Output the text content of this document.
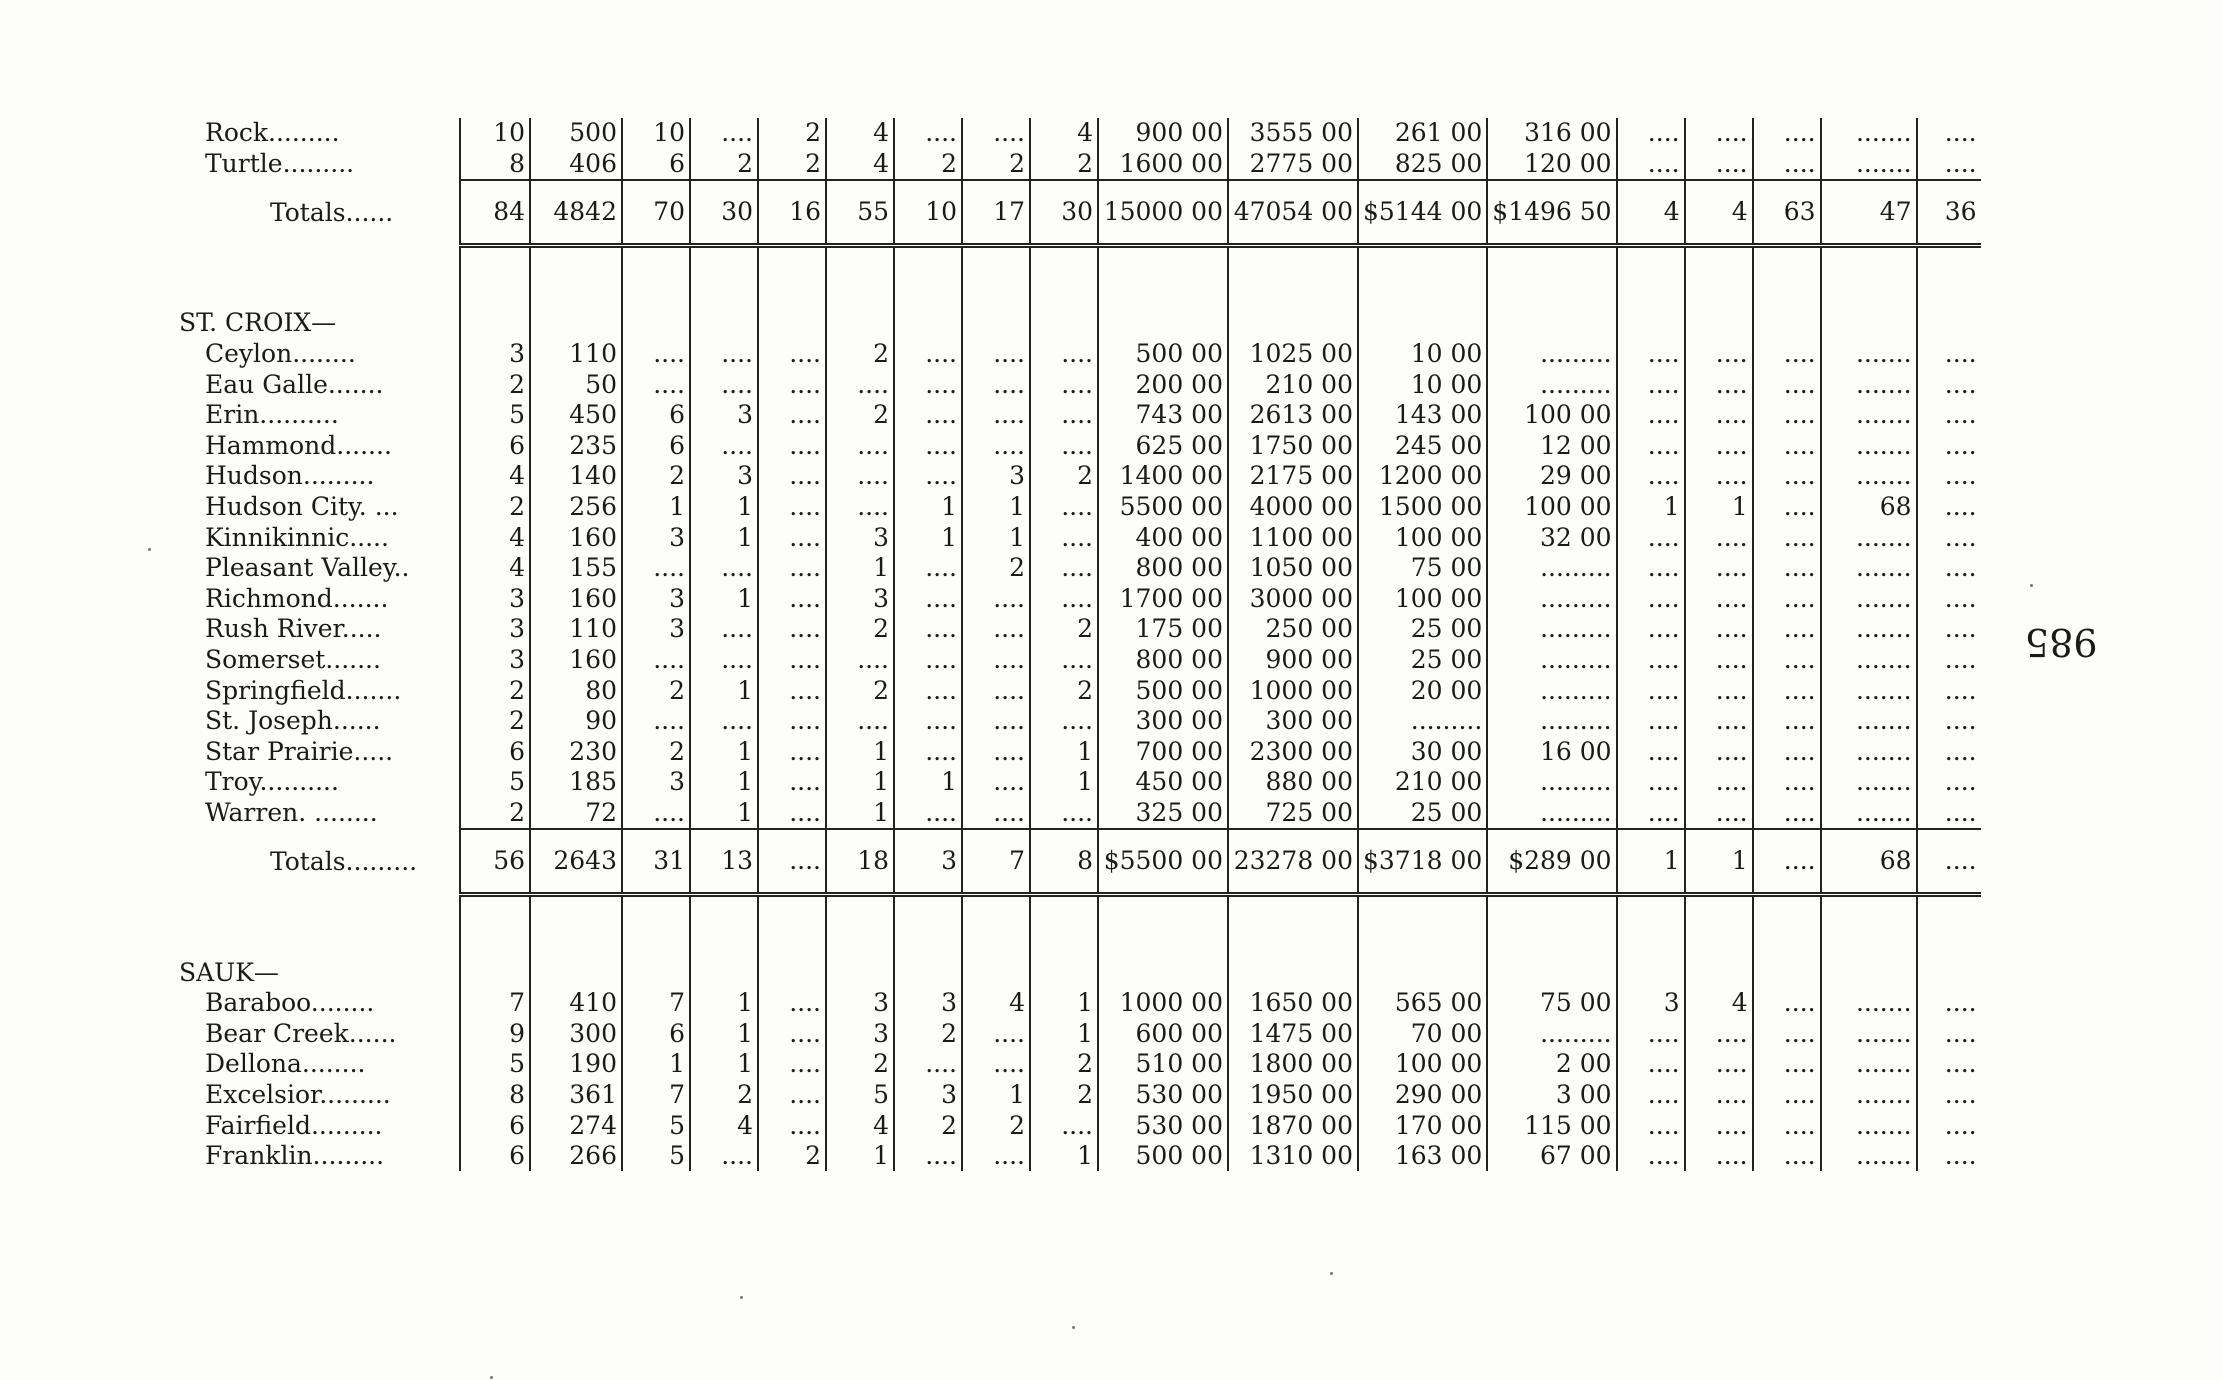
Rock.........	10	500	10	....	2	4	....	....	4	900 00	3555 00	261 00	316 00	....	....	....	.......	....
Turtle.........	8	406	6	2	2	4	2	2	2	1600 00	2775 00	825 00	120 00	....	....	....	.......	....
Totals......	84	4842	70	30	16	55	10	17	30	15000 00	47054 00	$5144 00	$1496 50	4	4	63	47	36

ST. CROIX—																		
Ceylon........	3	110	....	....	....	2	....	....	....	500 00	1025 00	10 00	.........	....	....	....	.......	....
Eau Galle.......	2	50	....	....	....	....	....	....	....	200 00	210 00	10 00	.........	....	....	....	.......	....
Erin..........	5	450	6	3	....	2	....	....	....	743 00	2613 00	143 00	100 00	....	....	....	.......	....
Hammond.......	6	235	6	....	....	....	....	....	....	625 00	1750 00	245 00	12 00	....	....	....	.......	....
Hudson.........	4	140	2	3	....	....	....	3	2	1400 00	2175 00	1200 00	29 00	....	....	....	.......	....
Hudson City. ...	2	256	1	1	....	....	1	1	....	5500 00	4000 00	1500 00	100 00	1	1	....	68	....
Kinnikinnic.....	4	160	3	1	....	3	1	1	....	400 00	1100 00	100 00	32 00	....	....	....	.......	....
Pleasant Valley..	4	155	....	....	....	1	....	2	....	800 00	1050 00	75 00	.........	....	....	....	.......	....
Richmond.......	3	160	3	1	....	3	....	....	....	1700 00	3000 00	100 00	.........	....	....	....	.......	....
Rush River.....	3	110	3	....	....	2	....	....	2	175 00	250 00	25 00	.........	....	....	....	.......	....
Somerset.......	3	160	....	....	....	....	....	....	....	800 00	900 00	25 00	.........	....	....	....	.......	....
Springfield.......	2	80	2	1	....	2	....	....	2	500 00	1000 00	20 00	.........	....	....	....	.......	....
St. Joseph......	2	90	....	....	....	....	....	....	....	300 00	300 00	.........	.........	....	....	....	.......	....
Star Prairie.....	6	230	2	1	....	1	....	....	1	700 00	2300 00	30 00	16 00	....	....	....	.......	....
Troy..........	5	185	3	1	....	1	1	....	1	450 00	880 00	210 00	.........	....	....	....	.......	....
Warren. ........	2	72	....	1	....	1	....	....	....	325 00	725 00	25 00	.........	....	....	....	.......	....
Totals.........	56	2643	31	13	....	18	3	7	8	$5500 00	23278 00	$3718 00	$289 00	1	1	....	68	....

SAUK—																		
Baraboo........	7	410	7	1	....	3	3	4	1	1000 00	1650 00	565 00	75 00	3	4	....	.......	....
Bear Creek......	9	300	6	1	....	3	2	....	1	600 00	1475 00	70 00	.........	....	....	....	.......	....
Dellona........	5	190	1	1	....	2	....	....	2	510 00	1800 00	100 00	2 00	....	....	....	.......	....
Excelsior.........	8	361	7	2	....	5	3	1	2	530 00	1950 00	290 00	3 00	....	....	....	.......	....
Fairfield.........	6	274	5	4	....	4	2	2	....	530 00	1870 00	170 00	115 00	....	....	....	.......	....
Franklin.........	6	266	5	....	2	1	....	....	1	500 00	1310 00	163 00	67 00	....	....	....	.......	....
985
